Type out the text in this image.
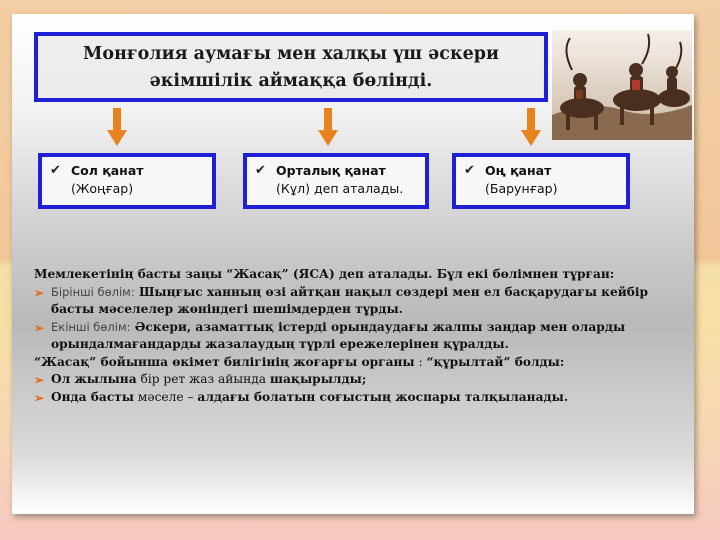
Монғолия аумағы мен халқы үш әскери
әкімшілік аймаққа бөлінді.
✔ Сол қанат
(Жоңғар)
✔ Орталық қанат
(Кұл) деп аталады.
✔ Оң қанат
(Барунғар)
Мемлекетінің басты заңы “Жасақ” (ЯСА) деп аталады. Бұл екі бөлімнен тұрған:
➢ Бірінші бөлім: Шыңғыс ханның өзі айтқан нақыл сөздері мен ел басқарудағы кейбір басты мәселелер жөніндегі шешімдерден тұрды.
➢ Екінші бөлім: Әскери, азаматтық істерді орындаудағы жалпы заңдар мен оларды орындалмағандарды жазалаудың түрлі ережелерінен құралды.
“Жасақ” бойынша өкімет билігінің жоғарғы органы : “құрылтай” болды:
➢ Ол жылына бір рет жаз айында шақырылды;
➢ Онда басты мәселе – алдағы болатын соғыстың жоспары талқыланады.
